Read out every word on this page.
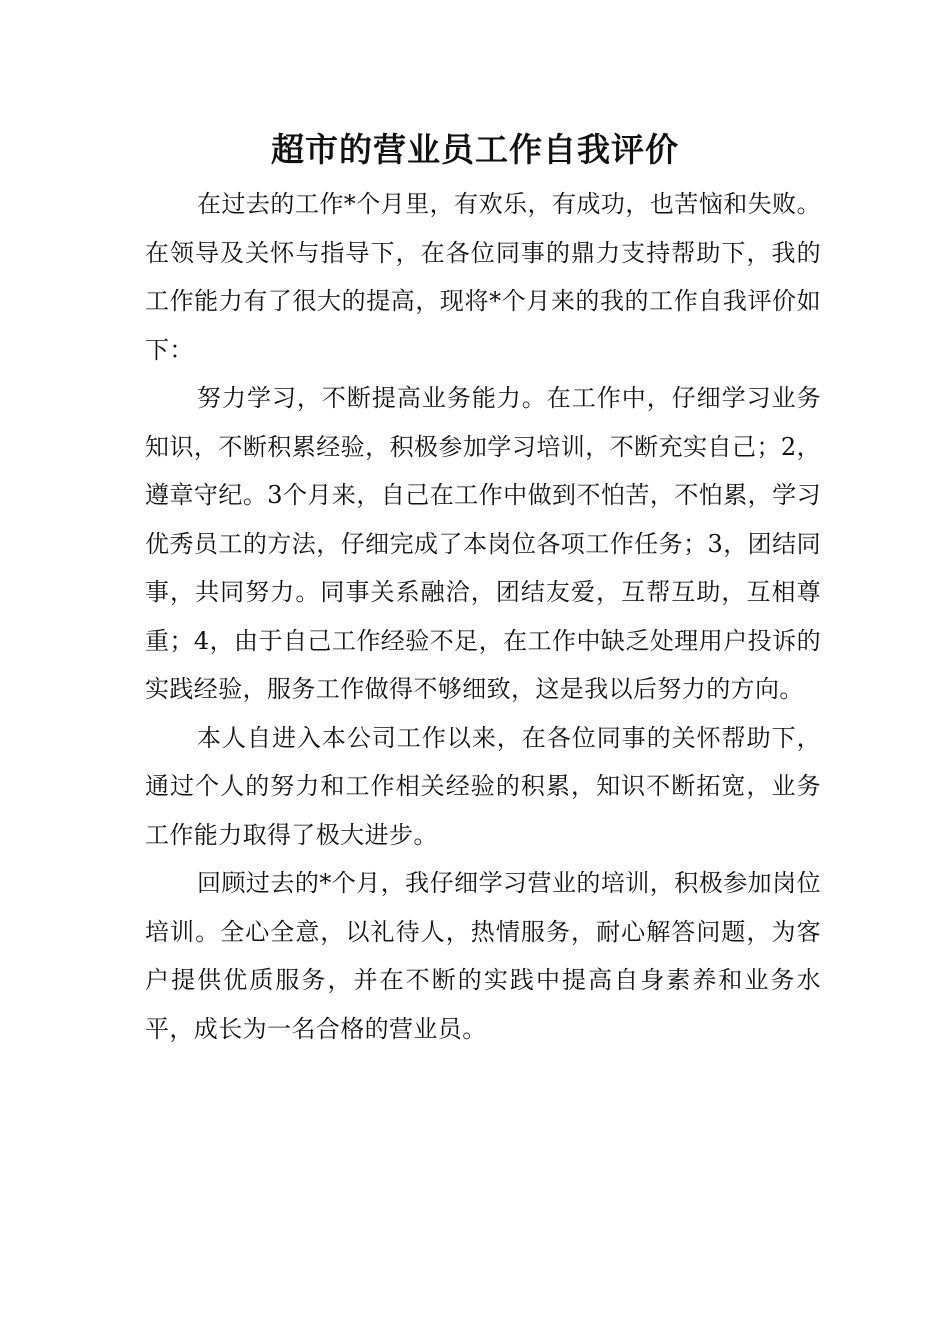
超市的营业员工作自我评价

在过去的工作*个月里，有欢乐，有成功，也苦恼和失败。在领导及关怀与指导下，在各位同事的鼎力支持帮助下，我的工作能力有了很大的提高，现将*个月来的我的工作自我评价如下：

努力学习，不断提高业务能力。在工作中，仔细学习业务知识，不断积累经验，积极参加学习培训，不断充实自己；2，遵章守纪。3个月来，自己在工作中做到不怕苦，不怕累，学习优秀员工的方法，仔细完成了本岗位各项工作任务；3，团结同事，共同努力。同事关系融洽，团结友爱，互帮互助，互相尊重；4，由于自己工作经验不足，在工作中缺乏处理用户投诉的实践经验，服务工作做得不够细致，这是我以后努力的方向。

本人自进入本公司工作以来，在各位同事的关怀帮助下，通过个人的努力和工作相关经验的积累，知识不断拓宽，业务工作能力取得了极大进步。

回顾过去的*个月，我仔细学习营业的培训，积极参加岗位培训。全心全意，以礼待人，热情服务，耐心解答问题，为客户提供优质服务，并在不断的实践中提高自身素养和业务水平，成长为一名合格的营业员。
